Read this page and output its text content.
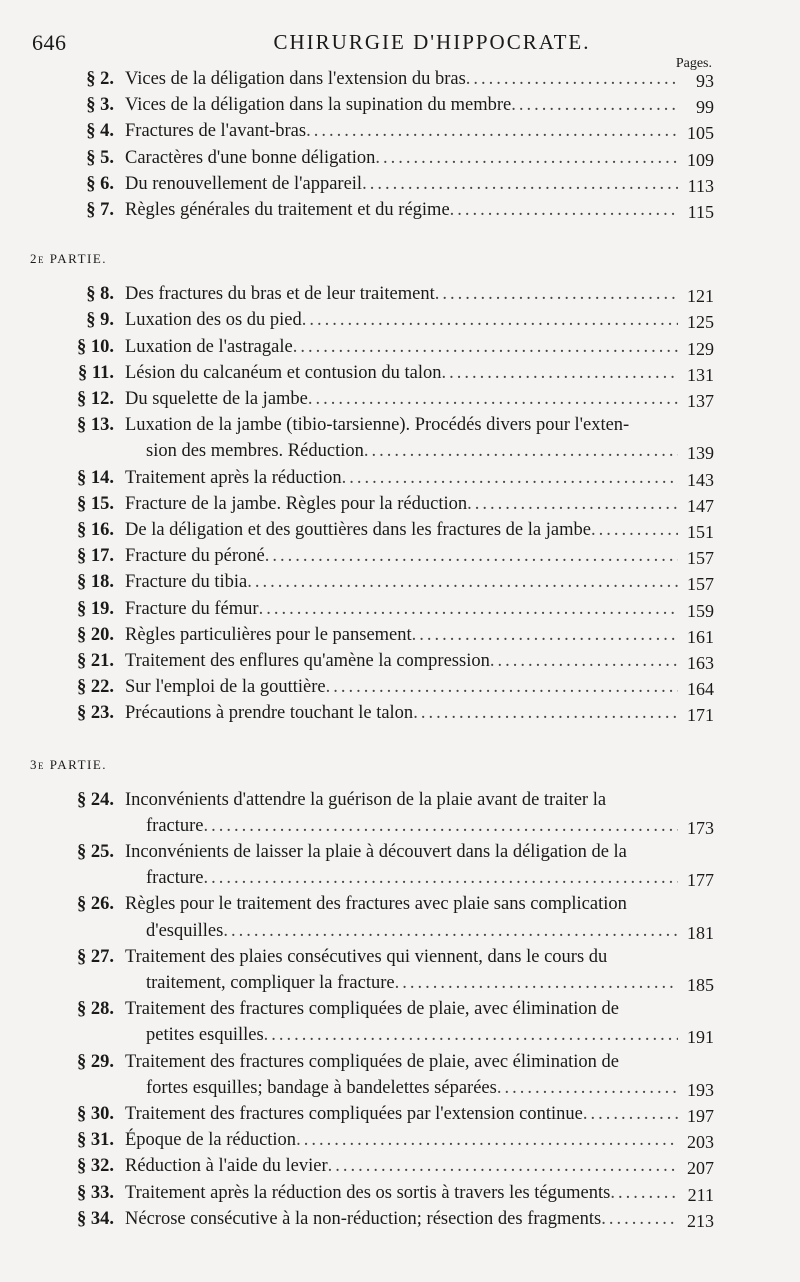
646	CHIRURGIE D'HIPPOCRATE.
Pages.
§ 2. Vices de la déligation dans l'extension du bras .....	93
§ 3. Vices de la déligation dans la supination du membre .....	99
§ 4. Fractures de l'avant-bras .....	105
§ 5. Caractères d'une bonne déligation .....	109
§ 6. Du renouvellement de l'appareil .....	113
§ 7. Règles générales du traitement et du régime .....	115
2e PARTIE.
§ 8. Des fractures du bras et de leur traitement .....	121
§ 9. Luxation des os du pied .....	125
§ 10. Luxation de l'astragale .....	129
§ 11. Lésion du calcanéum et contusion du talon .....	131
§ 12. Du squelette de la jambe .....	137
§ 13. Luxation de la jambe (tibio-tarsienne). Procédés divers pour l'exten-
sion des membres. Réduction .....	139
§ 14. Traitement après la réduction .....	143
§ 15. Fracture de la jambe. Règles pour la réduction .....	147
§ 16. De la déligation et des gouttières dans les fractures de la jambe .....	151
§ 17. Fracture du péroné .....	157
§ 18. Fracture du tibia .....	157
§ 19. Fracture du fémur .....	159
§ 20. Règles particulières pour le pansement .....	161
§ 21. Traitement des enflures qu'amène la compression .....	163
§ 22. Sur l'emploi de la gouttière .....	164
§ 23. Précautions à prendre touchant le talon .....	171
3e PARTIE.
§ 24. Inconvénients d'attendre la guérison de la plaie avant de traiter la
fracture .....	173
§ 25. Inconvénients de laisser la plaie à découvert dans la déligation de la
fracture .....	177
§ 26. Règles pour le traitement des fractures avec plaie sans complication
d'esquilles .....	181
§ 27. Traitement des plaies consécutives qui viennent, dans le cours du
traitement, compliquer la fracture .....	185
§ 28. Traitement des fractures compliquées de plaie, avec élimination de
petites esquilles .....	191
§ 29. Traitement des fractures compliquées de plaie, avec élimination de
fortes esquilles; bandage à bandelettes séparées .....	193
§ 30. Traitement des fractures compliquées par l'extension continue .....	197
§ 31. Époque de la réduction .....	203
§ 32. Réduction à l'aide du levier .....	207
§ 33. Traitement après la réduction des os sortis à travers les téguments .....	211
§ 34. Nécrose consécutive à la non-réduction; résection des fragments .....	213
